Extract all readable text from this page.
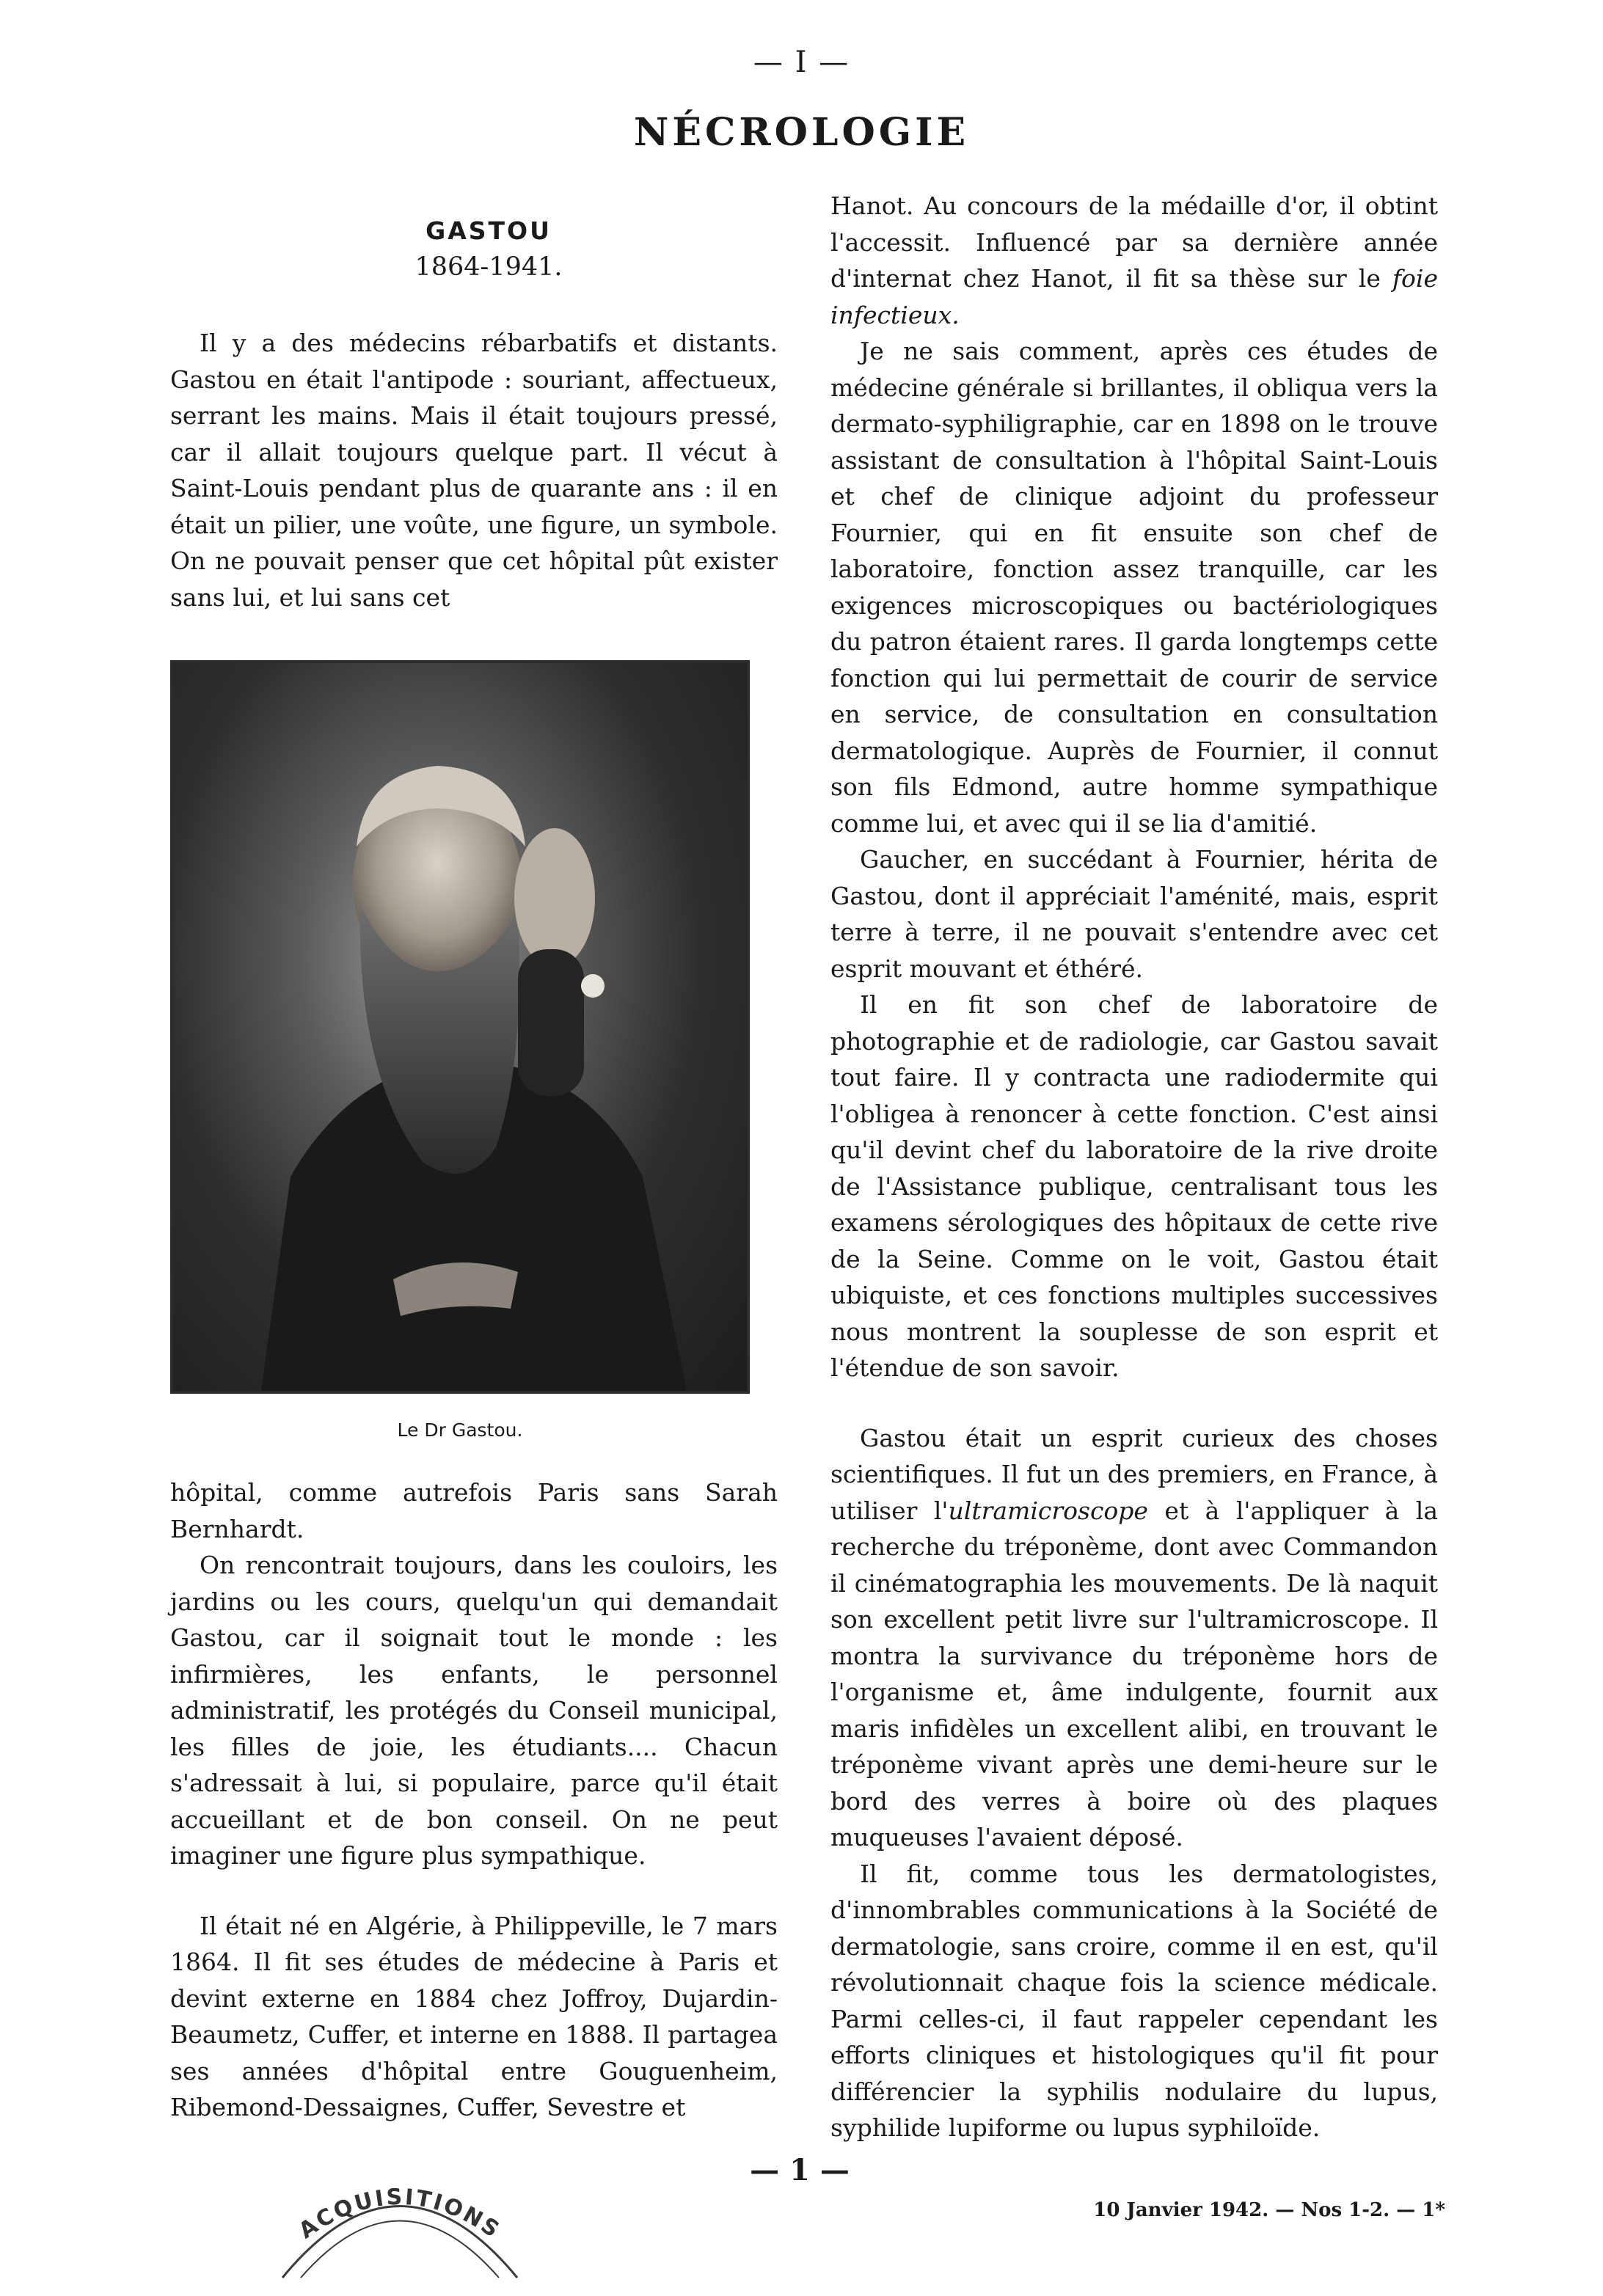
— I —
NÉCROLOGIE

GASTOU

1864-1941.

Il y a des médecins rébarbatifs et distants. Gastou en était l'antipode : souriant, affectueux, serrant les mains. Mais il était toujours pressé, car il allait toujours quelque part. Il vécut à Saint-Louis pendant plus de quarante ans : il en était un pilier, une voûte, une figure, un symbole. On ne pouvait penser que cet hôpital pût exister sans lui, et lui sans cet

Le Dr Gastou.

hôpital, comme autrefois Paris sans Sarah Bernhardt.

On rencontrait toujours, dans les couloirs, les jardins ou les cours, quelqu'un qui demandait Gastou, car il soignait tout le monde : les infirmières, les enfants, le personnel administratif, les protégés du Conseil municipal, les filles de joie, les étudiants.... Chacun s'adressait à lui, si populaire, parce qu'il était accueillant et de bon conseil. On ne peut imaginer une figure plus sympathique.

Il était né en Algérie, à Philippeville, le 7 mars 1864. Il fit ses études de médecine à Paris et devint externe en 1884 chez Joffroy, Dujardin-Beaumetz, Cuffer, et interne en 1888. Il partagea ses années d'hôpital entre Gouguenheim, Ribemond-Dessaignes, Cuffer, Sevestre et

Hanot. Au concours de la médaille d'or, il obtint l'accessit. Influencé par sa dernière année d'internat chez Hanot, il fit sa thèse sur le foie infectieux.

Je ne sais comment, après ces études de médecine générale si brillantes, il obliqua vers la dermato-syphiligraphie, car en 1898 on le trouve assistant de consultation à l'hôpital Saint-Louis et chef de clinique adjoint du professeur Fournier, qui en fit ensuite son chef de laboratoire, fonction assez tranquille, car les exigences microscopiques ou bactériologiques du patron étaient rares. Il garda longtemps cette fonction qui lui permettait de courir de service en service, de consultation en consultation dermatologique. Auprès de Fournier, il connut son fils Edmond, autre homme sympathique comme lui, et avec qui il se lia d'amitié.

Gaucher, en succédant à Fournier, hérita de Gastou, dont il appréciait l'aménité, mais, esprit terre à terre, il ne pouvait s'entendre avec cet esprit mouvant et éthéré.

Il en fit son chef de laboratoire de photographie et de radiologie, car Gastou savait tout faire. Il y contracta une radiodermite qui l'obligea à renoncer à cette fonction. C'est ainsi qu'il devint chef du laboratoire de la rive droite de l'Assistance publique, centralisant tous les examens sérologiques des hôpitaux de cette rive de la Seine. Comme on le voit, Gastou était ubiquiste, et ces fonctions multiples successives nous montrent la souplesse de son esprit et l'étendue de son savoir.

Gastou était un esprit curieux des choses scientifiques. Il fut un des premiers, en France, à utiliser l'ultramicroscope et à l'appliquer à la recherche du tréponème, dont avec Commandon il cinématographia les mouvements. De là naquit son excellent petit livre sur l'ultramicroscope. Il montra la survivance du tréponème hors de l'organisme et, âme indulgente, fournit aux maris infidèles un excellent alibi, en trouvant le tréponème vivant après une demi-heure sur le bord des verres à boire où des plaques muqueuses l'avaient déposé.

Il fit, comme tous les dermatologistes, d'innombrables communications à la Société de dermatologie, sans croire, comme il en est, qu'il révolutionnait chaque fois la science médicale. Parmi celles-ci, il faut rappeler cependant les efforts cliniques et histologiques qu'il fit pour différencier la syphilis nodulaire du lupus, syphilide lupiforme ou lupus syphiloïde.

ACQUISITIONS
— 1 —
10 Janvier 1942. — Nos 1-2. — 1*
